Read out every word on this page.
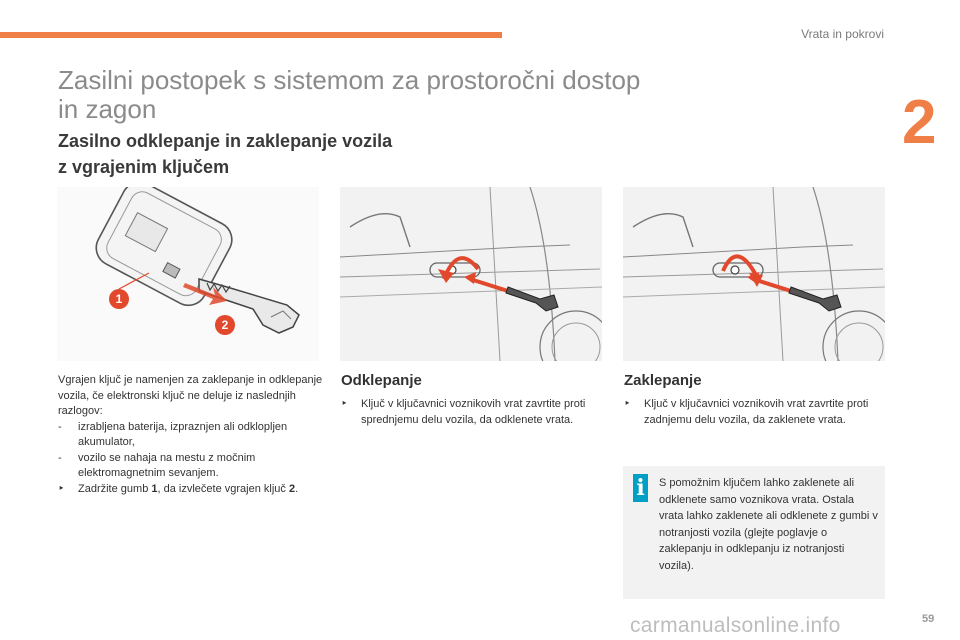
Vrata in pokrovi
2
Zasilni postopek s sistemom za prostoročni dostop
in zagon
Zasilno odklepanje in zaklepanje vozila
z vgrajenim ključem
1
2
Vgrajen ključ je namenjen za zaklepanje in odklepanje vozila, če elektronski ključ ne deluje iz naslednjih razlogov:
- izrabljena baterija, izpraznjen ali odklopljen akumulator,
- vozilo se nahaja na mestu z močnim elektromagnetnim sevanjem.
‣ Zadržite gumb 1, da izvlečete vgrajen ključ 2.
Odklepanje
‣ Ključ v ključavnici voznikovih vrat zavrtite proti sprednjemu delu vozila, da odklenete vrata.
Zaklepanje
‣ Ključ v ključavnici voznikovih vrat zavrtite proti zadnjemu delu vozila, da zaklenete vrata.
i	S pomožnim ključem lahko zaklenete ali odklenete samo voznikova vrata. Ostala vrata lahko zaklenete ali odklenete z gumbi v notranjosti vozila (glejte poglavje o zaklepanju in odklepanju iz notranjosti vozila).
carmanualsonline.info	59
